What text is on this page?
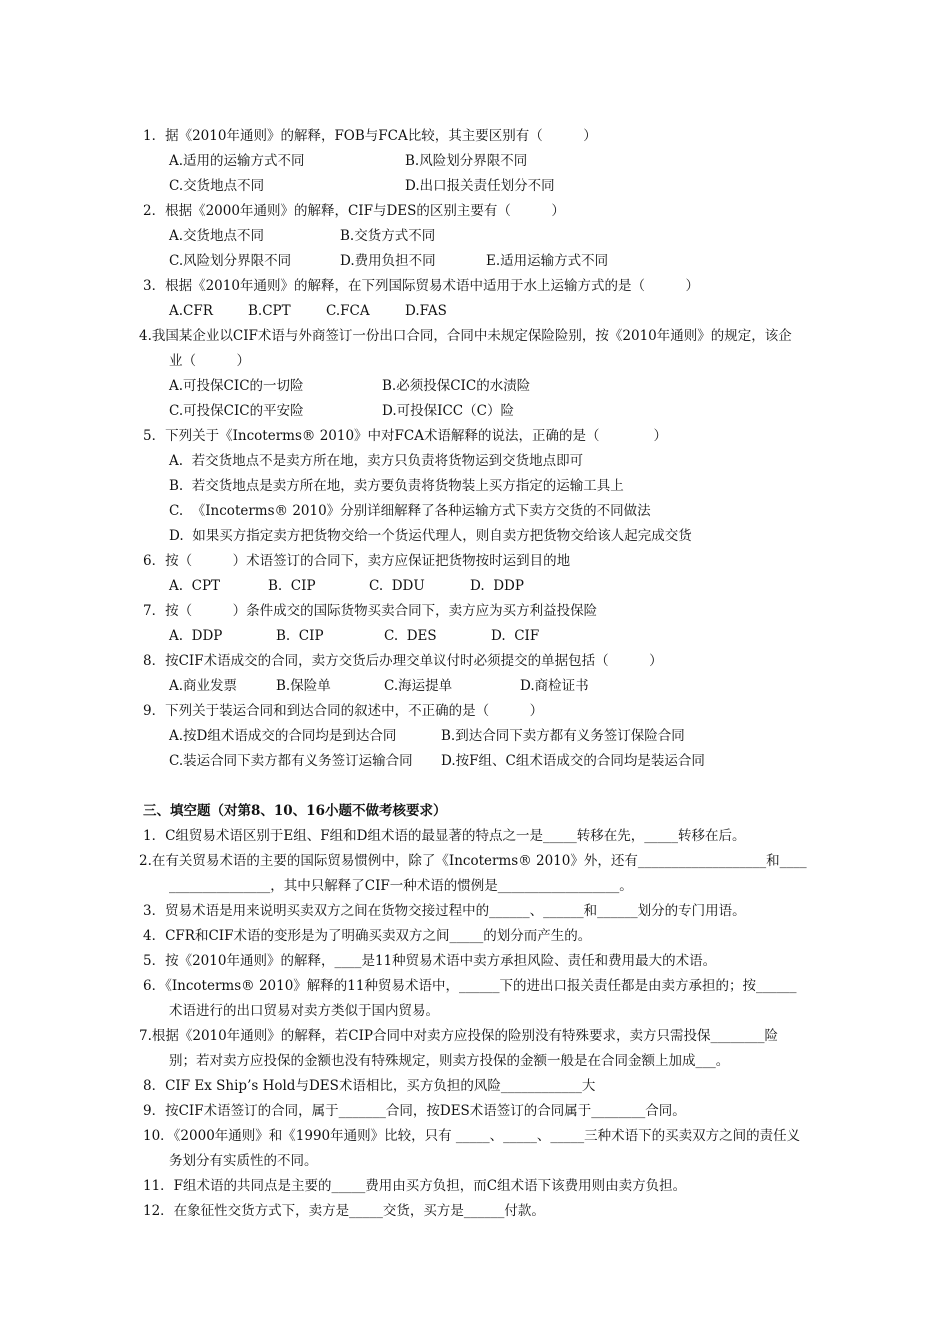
1．据《2010年通则》的解释，FOB与FCA比较，其主要区别有（　　　）
A.适用的运输方式不同	B.风险划分界限不同
C.交货地点不同	D.出口报关责任划分不同
2．根据《2000年通则》的解释，CIF与DES的区别主要有（　　　）
A.交货地点不同	B.交货方式不同
C.风险划分界限不同	D.费用负担不同	E.适用运输方式不同
3．根据《2010年通则》的解释，在下列国际贸易术语中适用于水上运输方式的是（　　　）
A.CFR	B.CPT	C.FCA	D.FAS
4.我国某企业以CIF术语与外商签订一份出口合同，合同中未规定保险险别，按《2010年通则》的规定，该企
业（　　　）
A.可投保CIC的一切险	B.必须投保CIC的水渍险
C.可投保CIC的平安险	D.可投保ICC（C）险
5．下列关于《Incoterms® 2010》中对FCA术语解释的说法，正确的是（　　　　）
A.  若交货地点不是卖方所在地，卖方只负责将货物运到交货地点即可
B.  若交货地点是卖方所在地，卖方要负责将货物装上买方指定的运输工具上
C.  《Incoterms® 2010》分别详细解释了各种运输方式下卖方交货的不同做法
D.  如果买方指定卖方把货物交给一个货运代理人，则自卖方把货物交给该人起完成交货
6．按（　　　）术语签订的合同下，卖方应保证把货物按时运到目的地
A.  CPT	B.  CIP	C.  DDU	D.  DDP
7．按（　　　）条件成交的国际货物买卖合同下，卖方应为买方利益投保险
A.  DDP	B.  CIP	C.  DES	D.  CIF
8．按CIF术语成交的合同，卖方交货后办理交单议付时必须提交的单据包括（　　　）
A.商业发票	B.保险单	C.海运提单	D.商检证书
9．下列关于装运合同和到达合同的叙述中，不正确的是（　　　）
A.按D组术语成交的合同均是到达合同	B.到达合同下卖方都有义务签订保险合同
C.装运合同下卖方都有义务签订运输合同 D.按F组、C组术语成交的合同均是装运合同
三、填空题（对第8、10、16小题不做考核要求）
1．C组贸易术语区别于E组、F组和D组术语的最显著的特点之一是_____转移在先，_____转移在后。
2.在有关贸易术语的主要的国际贸易惯例中，除了《Incoterms® 2010》外，还有___________________和____
_______________，其中只解释了CIF一种术语的惯例是__________________。
3．贸易术语是用来说明买卖双方之间在货物交接过程中的______、______和______划分的专门用语。
4．CFR和CIF术语的变形是为了明确买卖双方之间_____的划分而产生的。
5．按《2010年通则》的解释，____是11种贸易术语中卖方承担风险、责任和费用最大的术语。
6．《Incoterms® 2010》解释的11种贸易术语中，______下的进出口报关责任都是由卖方承担的；按______
术语进行的出口贸易对卖方类似于国内贸易。
7.根据《2010年通则》的解释，若CIP合同中对卖方应投保的险别没有特殊要求，卖方只需投保________险
别；若对卖方应投保的金额也没有特殊规定，则卖方投保的金额一般是在合同金额上加成___。
8．CIF Ex Ship’s Hold与DES术语相比，买方负担的风险____________大
9．按CIF术语签订的合同，属于_______合同，按DES术语签订的合同属于________合同。
10．《2000年通则》和《1990年通则》比较，只有 _____、_____、_____三种术语下的买卖双方之间的责任义
务划分有实质性的不同。
11．F组术语的共同点是主要的_____费用由买方负担，而C组术语下该费用则由卖方负担。
12．在象征性交货方式下，卖方是_____交货，买方是______付款。
